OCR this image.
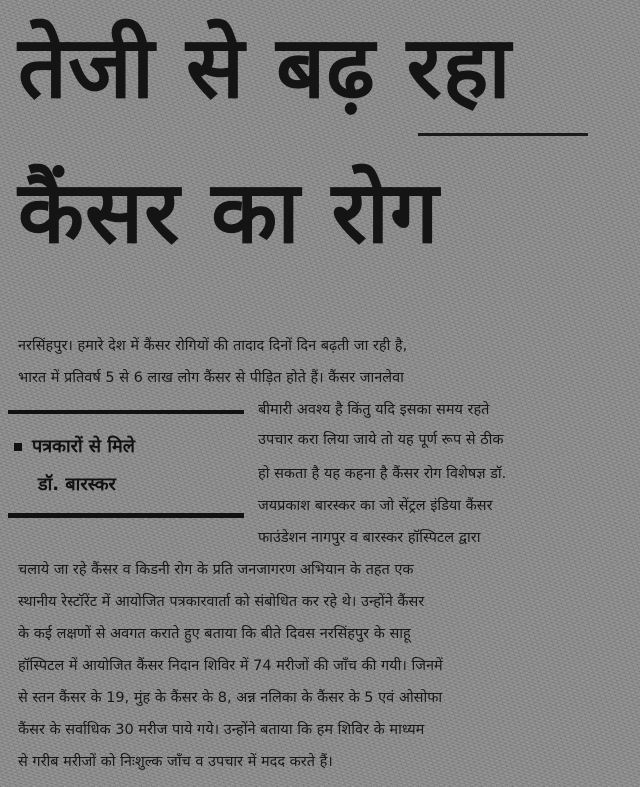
तेजी से बढ़ रहा
कैंसर का रोग
नरसिंहपुर। हमारे देश में कैंसर रोगियों की तादाद दिनों दिन बढ़ती जा रही है,
भारत में प्रतिवर्ष 5 से 6 लाख लोग कैंसर से पीड़ित होते हैं। कैंसर जानलेवा
पत्रकारों से मिले
डॉ. बारस्कर
बीमारी अवश्य है किंतु यदि इसका समय रहते
उपचार करा लिया जाये तो यह पूर्ण रूप से ठीक
हो सकता है यह कहना है कैंसर रोग विशेषज्ञ डॉ.
जयप्रकाश बारस्कर का जो सेंट्रल इंडिया कैंसर
फाउंडेशन नागपुर व बारस्कर हॉस्पिटल द्वारा
चलाये जा रहे कैंसर व किडनी रोग के प्रति जनजागरण अभियान के तहत एक
स्थानीय रेस्टॉरेंट में आयोजित पत्रकारवार्ता को संबोधित कर रहे थे। उन्होंने कैंसर
के कई लक्षणों से अवगत कराते हुए बताया कि बीते दिवस नरसिंहपुर के साहू
हॉस्पिटल में आयोजित कैंसर निदान शिविर में 74 मरीजों की जाँच की गयी। जिनमें
से स्तन कैंसर के 19, मुंह के कैंसर के 8, अन्न नलिका के कैंसर के 5 एवं ओसोफा
कैंसर के सर्वाधिक 30 मरीज पाये गये। उन्होंने बताया कि हम शिविर के माध्यम
से गरीब मरीजों को निःशुल्क जाँच व उपचार में मदद करते हैं।
